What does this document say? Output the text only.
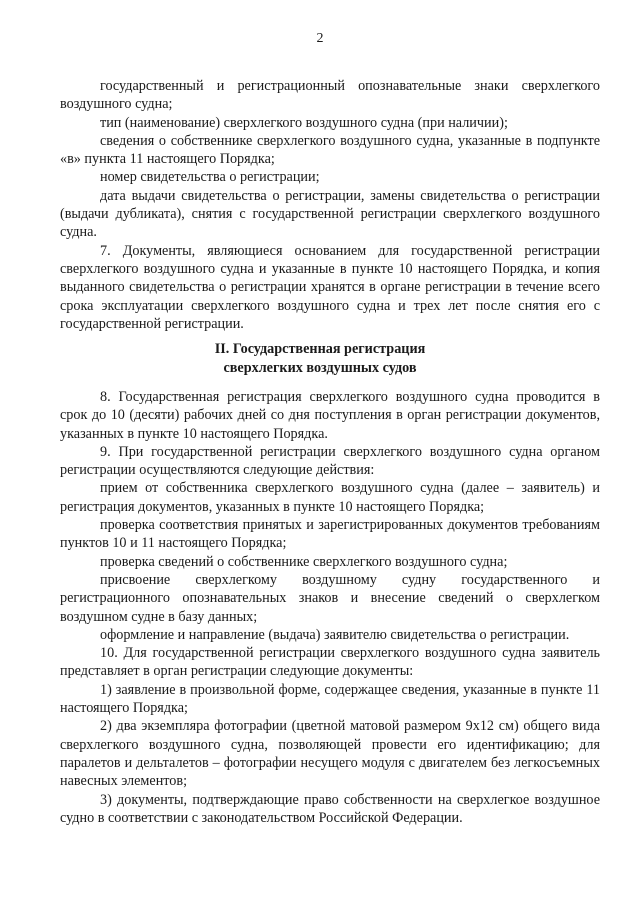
2

государственный и регистрационный опознавательные знаки сверхлегкого воздушного судна;

тип (наименование) сверхлегкого воздушного судна (при наличии);

сведения о собственнике сверхлегкого воздушного судна, указанные в подпункте «в» пункта 11 настоящего Порядка;

номер свидетельства о регистрации;

дата выдачи свидетельства о регистрации, замены свидетельства о регистрации (выдачи дубликата), снятия с государственной регистрации сверхлегкого воздушного судна.

7. Документы, являющиеся основанием для государственной регистрации сверхлегкого воздушного судна и указанные в пункте 10 настоящего Порядка, и копия выданного свидетельства о регистрации хранятся в органе регистрации в течение всего срока эксплуатации сверхлегкого воздушного судна и трех лет после снятия его с государственной регистрации.

II. Государственная регистрация
сверхлегких воздушных судов

8. Государственная регистрация сверхлегкого воздушного судна проводится в срок до 10 (десяти) рабочих дней со дня поступления в орган регистрации документов, указанных в пункте 10 настоящего Порядка.

9. При государственной регистрации сверхлегкого воздушного судна органом регистрации осуществляются следующие действия:

прием от собственника сверхлегкого воздушного судна (далее – заявитель) и регистрация документов, указанных в пункте 10 настоящего Порядка;

проверка соответствия принятых и зарегистрированных документов требованиям пунктов 10 и 11 настоящего Порядка;

проверка сведений о собственнике сверхлегкого воздушного судна;

присвоение сверхлегкому воздушному судну государственного и регистрационного опознавательных знаков и внесение сведений о сверхлегком воздушном судне в базу данных;

оформление и направление (выдача) заявителю свидетельства о регистрации.

10. Для государственной регистрации сверхлегкого воздушного судна заявитель представляет в орган регистрации следующие документы:

1) заявление в произвольной форме, содержащее сведения, указанные в пункте 11 настоящего Порядка;

2) два экземпляра фотографии (цветной матовой размером 9x12 см) общего вида сверхлегкого воздушного судна, позволяющей провести его идентификацию; для паралетов и дельталетов – фотографии несущего модуля с двигателем без легкосъемных навесных элементов;

3) документы, подтверждающие право собственности на сверхлегкое воздушное судно в соответствии с законодательством Российской Федерации.
